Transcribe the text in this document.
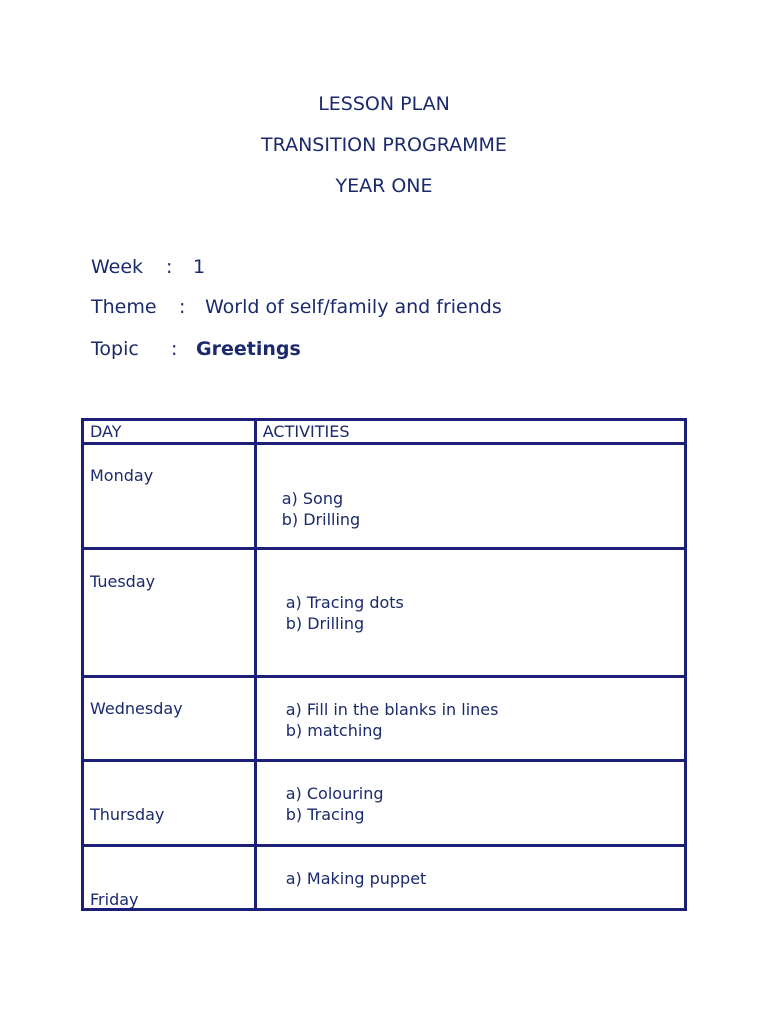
LESSON PLAN
TRANSITION PROGRAMME
YEAR ONE
Week : 1
Theme : World of self/family and friends
Topic : Greetings
DAY	ACTIVITIES

Monday	a) Song
b) Drilling

Tuesday	a) Tracing dots
b) Drilling

Wednesday	a) Fill in the blanks in lines
b) matching

Thursday	a) Colouring
b) Tracing

Friday	a) Making puppet
